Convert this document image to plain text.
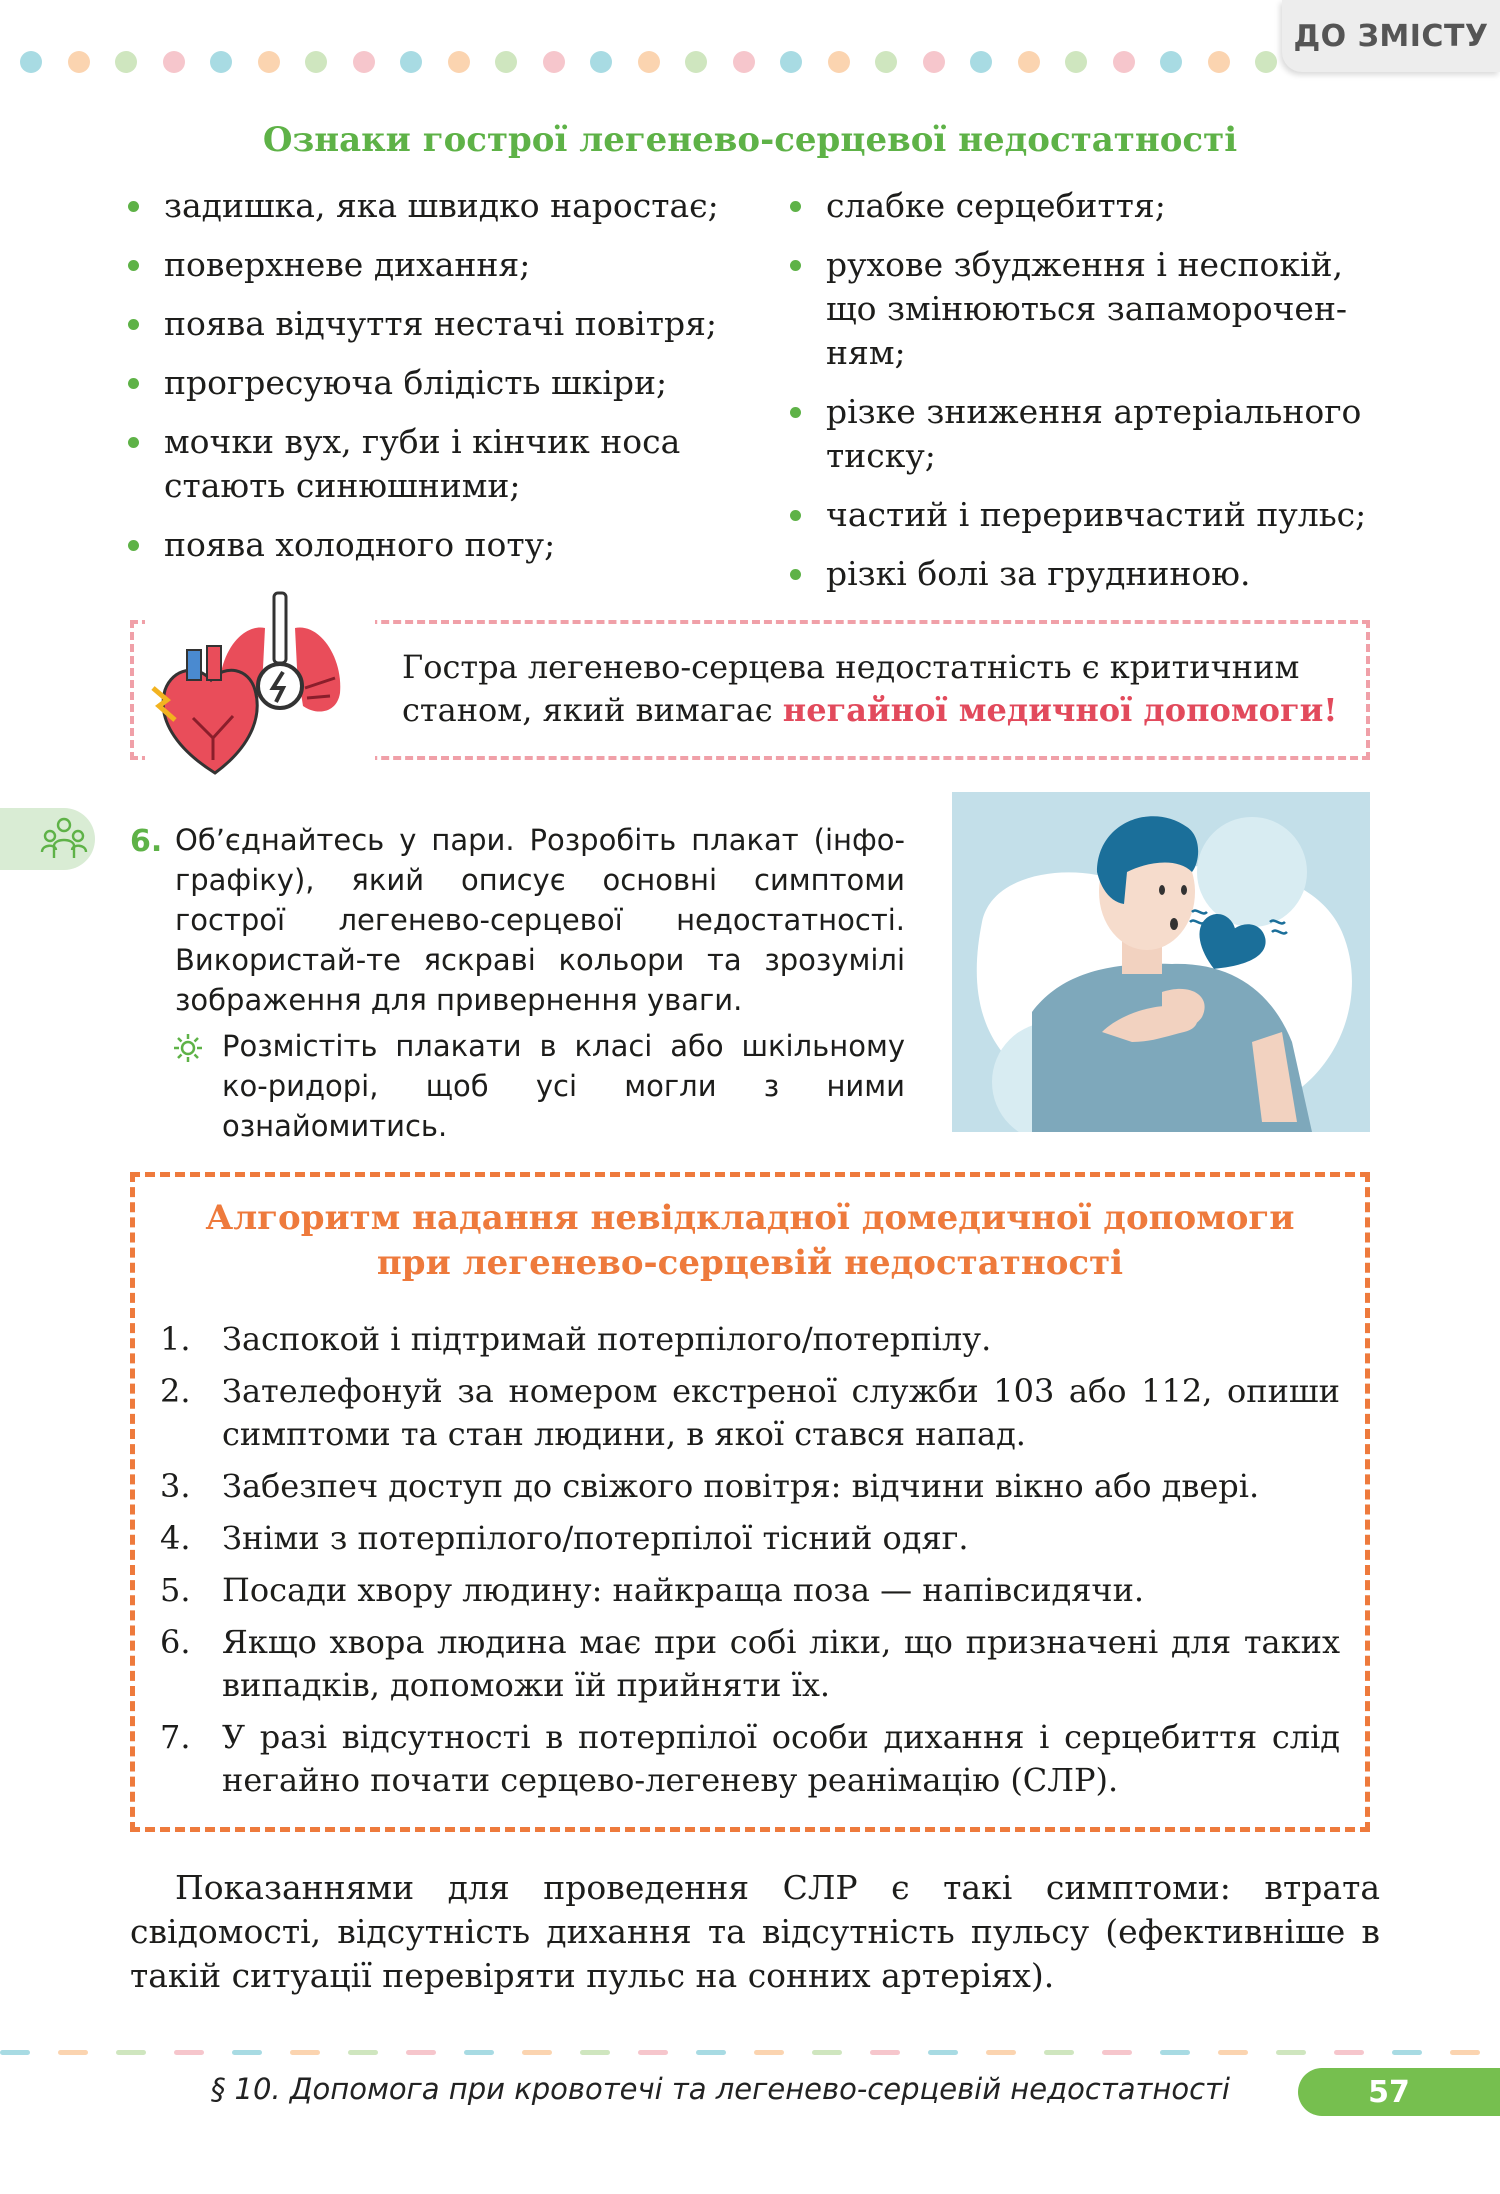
ДО ЗМІСТУ
Ознаки гострої легенево-серцевої недостатності
задишка, яка швидко наростає;
поверхневе дихання;
поява відчуття нестачі повітря;
прогресуюча блідість шкіри;
мочки вух, губи і кінчик носа стають синюшними;
поява холодного поту;
слабке серцебиття;
рухове збудження і неспокій, що змінюються запаморочен-ням;
різке зниження артеріального тиску;
частий і переривчастий пульс;
різкі болі за грудниною.
Гостра легенево-серцева недостатність є критичним станом, який вимагає негайної медичної допомоги!
6. Об’єднайтесь у пари. Розробіть плакат (інфо-графіку), який описує основні симптоми гострої легенево-серцевої недостатності. Використай-те яскраві кольори та зрозумілі зображення для привернення уваги.
Розмістіть плакати в класі або шкільному ко-ридорі, щоб усі могли з ними ознайомитись.
Алгоритм надання невідкладної домедичної допомоги
при легенево-серцевій недостатності
1. Заспокой і підтримай потерпілого/потерпілу.
2. Зателефонуй за номером екстреної служби 103 або 112, опиши симптоми та стан людини, в якої стався напад.
3. Забезпеч доступ до свіжого повітря: відчини вікно або двері.
4. Зніми з потерпілого/потерпілої тісний одяг.
5. Посади хвору людину: найкраща поза — напівсидячи.
6. Якщо хвора людина має при собі ліки, що призначені для таких випадків, допоможи їй прийняти їх.
7. У разі відсутності в потерпілої особи дихання і серцебиття слід негайно почати серцево-легеневу реанімацію (СЛР).
Показаннями для проведення СЛР є такі симптоми: втрата свідомості, відсутність дихання та відсутність пульсу (ефективніше в такій ситуації перевіряти пульс на сонних артеріях).
§ 10. Допомога при кровотечі та легенево-серцевій недостатності	57
